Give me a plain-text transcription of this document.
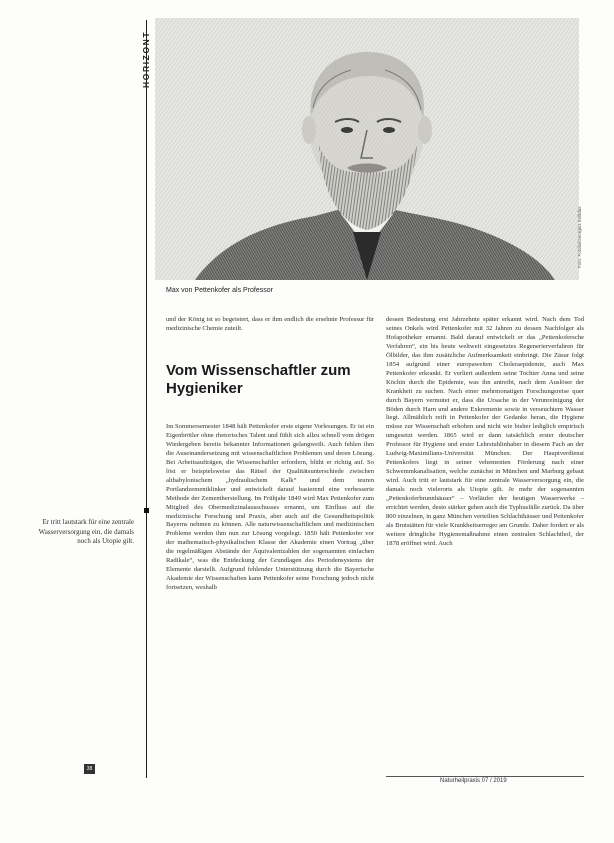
HORIZONT
Foto: Fotolia/Georgios Kollidas
Max von Pettenkofer als Professor

und der König ist so begeistert, dass er ihm endlich die ersehnte Professur für medizinische Chemie zuteilt.

Vom Wissenschaftler zum Hygieniker

Im Sommersemester 1848 hält Pettenkofer erste eigene Vorlesungen. Er ist ein Eigenbrötler ohne rhetorisches Talent und fühlt sich allzu schnell vom drögen Wiedergeben bereits bekannter Informationen gelangweilt. Auch fehlen ihm die Auseinandersetzung mit wissenschaftlichen Problemen und deren Lösung. Bei Arbeitsaufträgen, die Wissenschaftler erfordern, blüht er richtig auf. So löst er beispielsweise das Rätsel der Qualitätsunterschiede zwischen altbabylonischem „hydraulischem Kalk“ und dem teuren Portlandzementklinker und entwickelt darauf basierend eine verbesserte Methode der Zementherstellung. Im Frühjahr 1849 wird Max Pettenkofer zum Mitglied des Obermedizinalausschusses ernannt, um Einfluss auf die medizinische Forschung und Praxis, aber auch auf die Gesundheitspolitik Bayerns nehmen zu können. Alle naturwissenschaftlichen und medizinischen Probleme werden ihm nun zur Lösung vorgelegt. 1850 hält Pettenkofer vor der mathematisch-physikalischen Klasse der Akademie einen Vortrag „über die regelmäßigen Abstände der Äquivalentzahlen der sogenannten einfachen Radikale“, was die Entdeckung der Grundlagen des Periodensystems der Elemente darstellt. Aufgrund fehlender Unterstützung durch die Bayerische Akademie der Wissenschaften kann Pettenkofer seine Forschung jedoch nicht fortsetzen, weshalb

dessen Bedeutung erst Jahrzehnte später erkannt wird. Nach dem Tod seines Onkels wird Pettenkofer mit 32 Jahren zu dessen Nachfolger als Hofapotheker ernannt. Bald darauf entwickelt er das „Pettenkofersche Verfahren“, ein bis heute weltweit eingesetztes Regenerierverfahren für Ölbilder, das ihm zusätzliche Aufmerksamkeit einbringt. Die Zäsur folgt 1854 aufgrund einer europaweiten Choleraepidemie, auch Max Pettenkofer erkrankt. Er verliert außerdem seine Tochter Anna und seine Köchin durch die Epidemie, was ihn antreibt, nach dem Auslöser der Krankheit zu suchen. Nach einer mehrmonatigen Forschungsreise quer durch Bayern vermutet er, dass die Ursache in der Verunreinigung der Böden durch Harn und andere Exkremente sowie in verseuchtem Wasser liegt. Allmählich reift in Pettenkofer der Gedanke heran, die Hygiene müsse zur Wissenschaft erhoben und nicht wie bisher lediglich empirisch umgesetzt werden. 1865 wird er dann tatsächlich erster deutscher Professor für Hygiene und erster Lehrstuhlinhaber in diesem Fach an der Ludwig-Maximilians-Universität München. Der Hauptverdienst Pettenkofers liegt in seiner vehementen Förderung nach einer Schwemmkanalisation, welche zunächst in München und Marburg gebaut wird. Auch tritt er lautstark für eine zentrale Wasserversorgung ein, die damals noch vielerorts als Utopie gilt. Je mehr der sogenannten „Pettenkoferbrunnhäuser“ – Vorläufer der heutigen Wasserwerke – errichtet werden, desto stärker gehen auch die Typhusfälle zurück. Da über 800 einzelnen, in ganz München verteilten Schlachthäuser und Pettenkofer als Brutstätten für viele Krankheitserreger am Grunde. Daher fordert er als weitere dringliche Hygienemaßnahme einen zentralen Schlachthof, der 1878 eröffnet wird. Auch

Er tritt lautstark für eine zentrale Wasserversorgung ein, die damals noch als Utopie gilt.
38
Naturheilpraxis 07 / 2019
